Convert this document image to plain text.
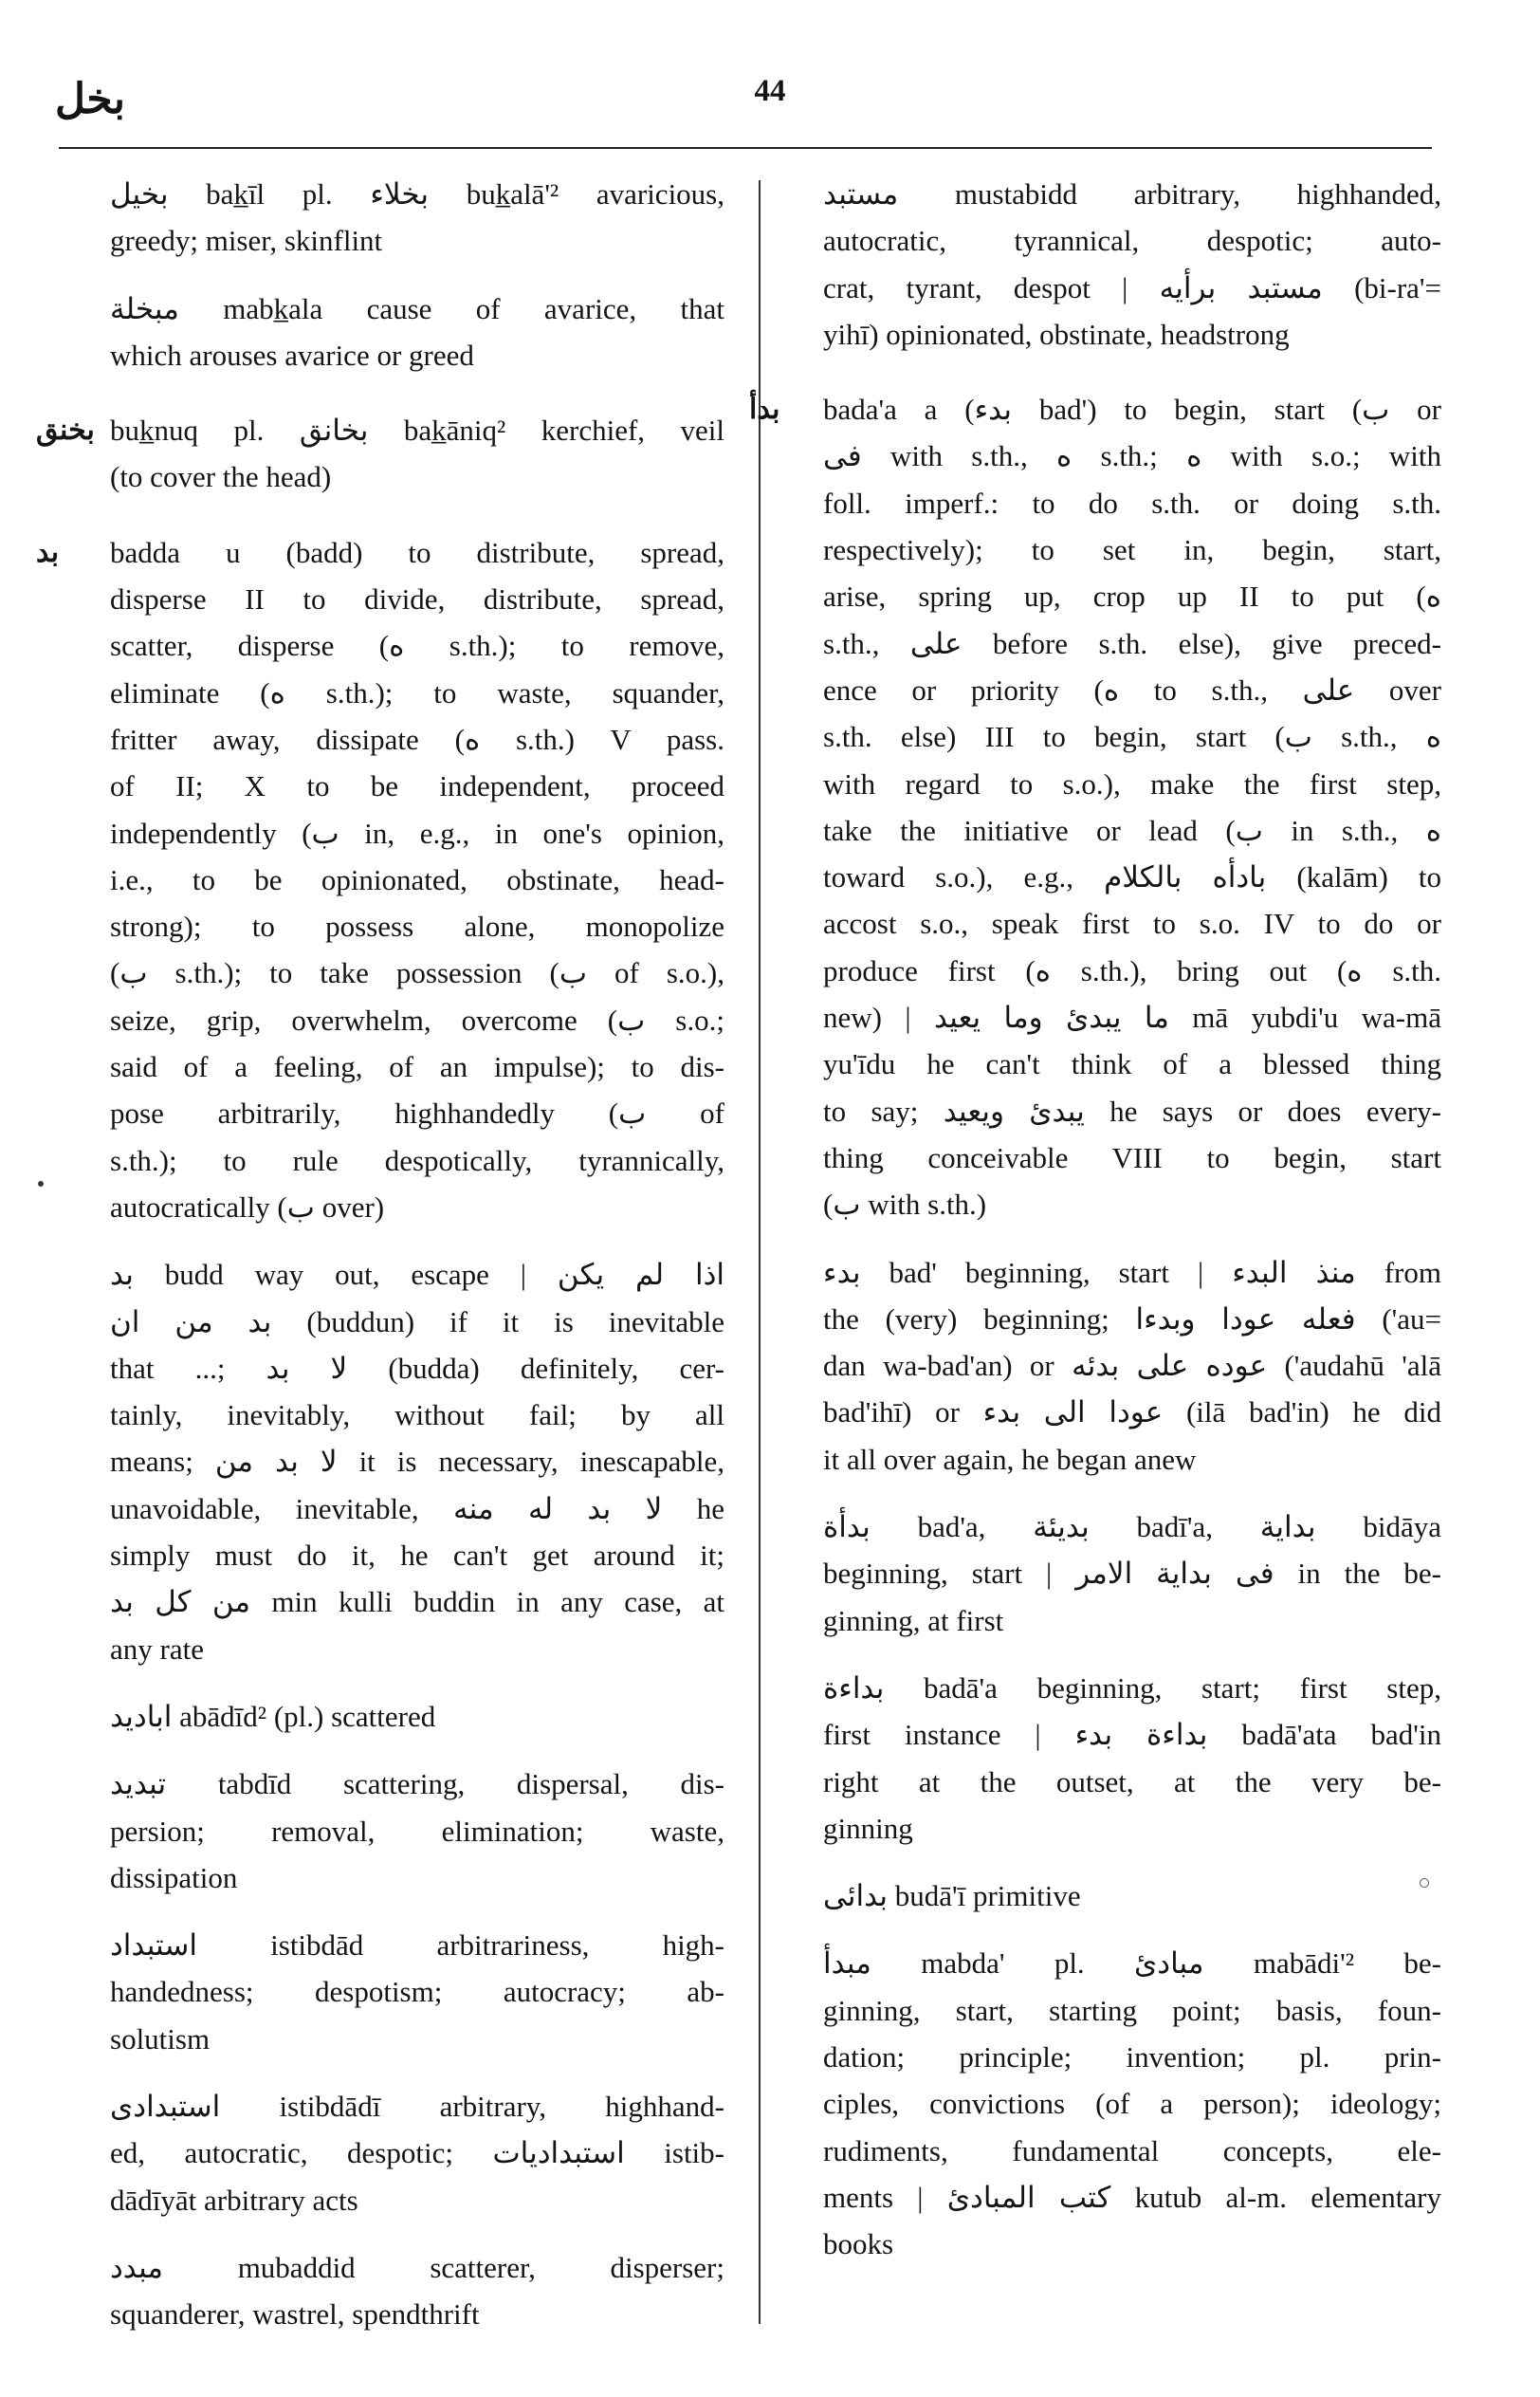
بخل	44
بخيل bak̲īl pl. بخلاء buk̲alā'² avaricious,
greedy; miser, skinflint
مبخلة mabk̲ala cause of avarice, that
which arouses avarice or greed
بخنق buk̲nuq pl. بخانق bak̲āniq² kerchief, veil
(to cover the head)
بد badda u (badd) to distribute, spread,
disperse II to divide, distribute, spread,
scatter, disperse (ه s.th.); to remove,
eliminate (ه s.th.); to waste, squander,
fritter away, dissipate (ه s.th.) V pass.
of II; X to be independent, proceed
independently (ب in, e.g., in one's opinion,
i.e., to be opinionated, obstinate, head-
strong); to possess alone, monopolize
(ب s.th.); to take possession (ب of s.o.),
seize, grip, overwhelm, overcome (ب s.o.;
said of a feeling, of an impulse); to dis-
pose arbitrarily, highhandedly (ب of
s.th.); to rule despotically, tyrannically,
autocratically (ب over)
بد budd way out, escape | اذا لم يكن
بد من ان (buddun) if it is inevitable
that ...; لا بد (budda) definitely, cer-
tainly, inevitably, without fail; by all
means; لا بد من it is necessary, inescapable,
unavoidable, inevitable, لا بد له منه he
simply must do it, he can't get around it;
من كل بد min kulli buddin in any case, at
any rate
اباديد abādīd² (pl.) scattered
تبديد tabdīd scattering, dispersal, dis-
persion; removal, elimination; waste,
dissipation
استبداد istibdād arbitrariness, high-
handedness; despotism; autocracy; ab-
solutism
استبدادى istibdādī arbitrary, highhand-
ed, autocratic, despotic; استبداديات istib-
dādīyāt arbitrary acts
مبدد mubaddid scatterer, disperser;
squanderer, wastrel, spendthrift
مستبد mustabidd arbitrary, highhanded,
autocratic, tyrannical, despotic; auto-
crat, tyrant, despot | مستبد برأيه (bi-ra'=
yihī) opinionated, obstinate, headstrong
بدأ bada'a a (بدء bad') to begin, start (ب or
فى with s.th., ه s.th.; ه with s.o.; with
foll. imperf.: to do s.th. or doing s.th.
respectively); to set in, begin, start,
arise, spring up, crop up II to put (ه
s.th., على before s.th. else), give preced-
ence or priority (ه to s.th., على over
s.th. else) III to begin, start (ب s.th., ه
with regard to s.o.), make the first step,
take the initiative or lead (ب in s.th., ه
toward s.o.), e.g., بادأه بالكلام (kalām) to
accost s.o., speak first to s.o. IV to do or
produce first (ه s.th.), bring out (ه s.th.
new) | ما يبدئ وما يعيد mā yubdi'u wa-mā
yu'īdu he can't think of a blessed thing
to say; يبدئ ويعيد he says or does every-
thing conceivable VIII to begin, start
(ب with s.th.)
بدء bad' beginning, start | منذ البدء from
the (very) beginning; فعله عودا وبدءا ('au=
dan wa-bad'an) or عوده على بدئه ('audahū 'alā
bad'ihī) or عودا الى بدء (ilā bad'in) he did
it all over again, he began anew
بدأة bad'a, بديئة badī'a, بداية bidāya
beginning, start | فى بداية الامر in the be-
ginning, at first
بداءة badā'a beginning, start; first step,
first instance | بداءة بدء badā'ata bad'in
right at the outset, at the very be-
ginning
بدائى budā'ī primitive
مبدأ mabda' pl. مبادئ mabādi'² be-
ginning, start, starting point; basis, foun-
dation; principle; invention; pl. prin-
ciples, convictions (of a person); ideology;
rudiments, fundamental concepts, ele-
ments | كتب المبادئ kutub al-m. elementary
books
